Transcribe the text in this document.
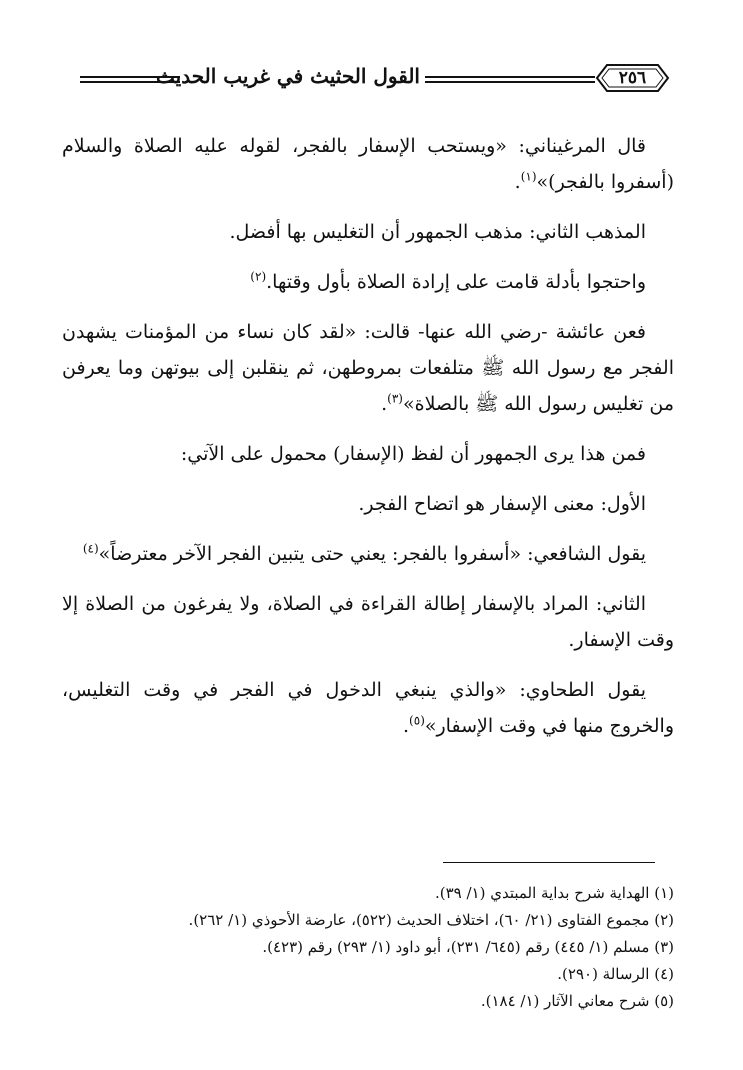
القول الحثيث في غريب الحديث	٢٥٦

قال المرغيناني: «ويستحب الإسفار بالفجر، لقوله عليه الصلاة والسلام (أسفروا بالفجر)»$^{(١)}$.

المذهب الثاني: مذهب الجمهور أن التغليس بها أفضل.

واحتجوا بأدلة قامت على إرادة الصلاة بأول وقتها.$^{(٢)}$

فعن عائشة -رضي الله عنها- قالت: «لقد كان نساء من المؤمنات يشهدن الفجر مع رسول الله ﷺ متلفعات بمروطهن، ثم ينقلبن إلى بيوتهن وما يعرفن من تغليس رسول الله ﷺ بالصلاة»$^{(٣)}$.

فمن هذا يرى الجمهور أن لفظ (الإسفار) محمول على الآتي:

الأول: معنى الإسفار هو اتضاح الفجر.

يقول الشافعي: «أسفروا بالفجر: يعني حتى يتبين الفجر الآخر معترضاً»$^{(٤)}$

الثاني: المراد بالإسفار إطالة القراءة في الصلاة، ولا يفرغون من الصلاة إلا وقت الإسفار.

يقول الطحاوي: «والذي ينبغي الدخول في الفجر في وقت التغليس، والخروج منها في وقت الإسفار»$^{(٥)}$.

(١) الهداية شرح بداية المبتدي (١/ ٣٩).
(٢) مجموع الفتاوى (٢١/ ٦٠)، اختلاف الحديث (٥٢٢)، عارضة الأحوذي (١/ ٢٦٢).
(٣) مسلم (١/ ٤٤٥) رقم (٦٤٥/ ٢٣١)، أبو داود (١/ ٢٩٣) رقم (٤٢٣).
(٤) الرسالة (٢٩٠).
(٥) شرح معاني الآثار (١/ ١٨٤).
